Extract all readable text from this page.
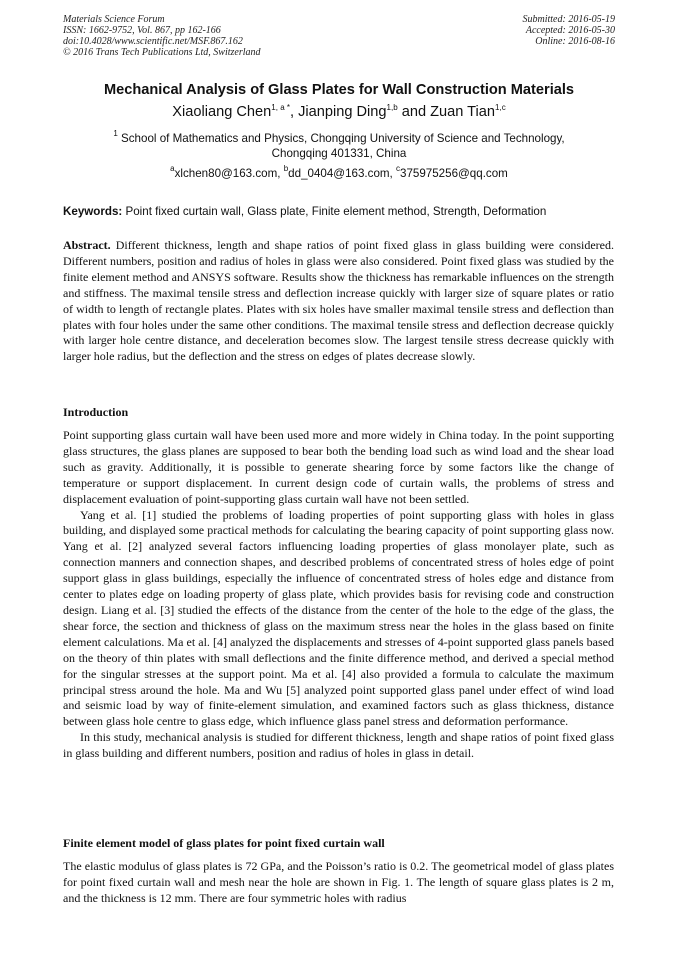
Materials Science Forum
ISSN: 1662-9752, Vol. 867, pp 162-166
doi:10.4028/www.scientific.net/MSF.867.162
© 2016 Trans Tech Publications Ltd, Switzerland
Submitted: 2016-05-19
Accepted: 2016-05-30
Online: 2016-08-16
Mechanical Analysis of Glass Plates for Wall Construction Materials
Xiaoliang Chen$^{1, a *}$, Jianping Ding$^{1,b}$ and Zuan Tian$^{1,c}$
$^1$ School of Mathematics and Physics, Chongqing University of Science and Technology,
Chongqing 401331, China
$^a$xlchen80@163.com, $^b$dd_0404@163.com, $^c$375975256@qq.com
Keywords: Point fixed curtain wall, Glass plate, Finite element method, Strength, Deformation

Abstract. Different thickness, length and shape ratios of point fixed glass in glass building were considered. Different numbers, position and radius of holes in glass were also considered. Point fixed glass was studied by the finite element method and ANSYS software. Results show the thickness has remarkable influences on the strength and stiffness. The maximal tensile stress and deflection increase quickly with larger size of square plates or ratio of width to length of rectangle plates. Plates with six holes have smaller maximal tensile stress and deflection than plates with four holes under the same other conditions. The maximal tensile stress and deflection decrease quickly with larger hole centre distance, and deceleration becomes slow. The largest tensile stress decrease quickly with larger hole radius, but the deflection and the stress on edges of plates decrease slowly.

Introduction

Point supporting glass curtain wall have been used more and more widely in China today. In the point supporting glass structures, the glass planes are supposed to bear both the bending load such as wind load and the shear load such as gravity. Additionally, it is possible to generate shearing force by some factors like the change of temperature or support displacement. In current design code of curtain walls, the problems of stress and displacement evaluation of point-supporting glass curtain wall have not been settled.

Yang et al. [1] studied the problems of loading properties of point supporting glass with holes in glass building, and displayed some practical methods for calculating the bearing capacity of point supporting glass now. Yang et al. [2] analyzed several factors influencing loading properties of glass monolayer plate, such as connection manners and connection shapes, and described problems of concentrated stress of holes edge of point support glass in glass buildings, especially the influence of concentrated stress of holes edge and distance from center to plates edge on loading property of glass plate, which provides basis for revising code and construction design. Liang et al. [3] studied the effects of the distance from the center of the hole to the edge of the glass, the shear force, the section and thickness of glass on the maximum stress near the holes in the glass based on finite element calculations. Ma et al. [4] analyzed the displacements and stresses of 4-point supported glass panels based on the theory of thin plates with small deflections and the finite difference method, and derived a special method for the singular stresses at the support point. Ma et al. [4] also provided a formula to calculate the maximum principal stress around the hole. Ma and Wu [5] analyzed point supported glass panel under effect of wind load and seismic load by way of finite-element simulation, and examined factors such as glass thickness, distance between glass hole centre to glass edge, which influence glass panel stress and deformation performance.

In this study, mechanical analysis is studied for different thickness, length and shape ratios of point fixed glass in glass building and different numbers, position and radius of holes in glass in detail.

Finite element model of glass plates for point fixed curtain wall

The elastic modulus of glass plates is 72 GPa, and the Poisson’s ratio is 0.2. The geometrical model of glass plates for point fixed curtain wall and mesh near the hole are shown in Fig. 1. The length of square glass plates is 2 m, and the thickness is 12 mm. There are four symmetric holes with radius
